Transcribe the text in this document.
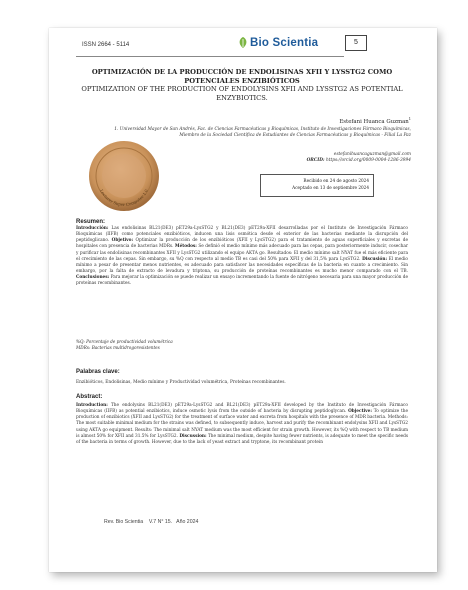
ISSN 2664 - 5114	Bio Scientia	5
OPTIMIZACIÓN DE LA PRODUCCIÓN DE ENDOLISINAS XFII Y LYSSTG2 COMO POTENCIALES ENZIBIÓTICOS
OPTIMIZATION OF THE PRODUCTION OF ENDOLYSINS XFII AND LYSSTG2 AS POTENTIAL ENZYBIOTICS.
Estefani Huanca Guzman$^1$
1. Universidad Mayor de San Andrés, Fac. de Ciencias Farmacéuticas y Bioquímicas, Instituto de Investigaciones Fármaco Bioquímicas, Miembro de la Sociedad Científica de Estudiantes de Ciencias Farmacéuticas y Bioquímicas - Filial La Paz
estefanihuancaguzman@gmail.com
ORCID: https://orcid.org/0009-0004-1286-3994
Lecturer Super Computer 1.0
Recibido en 24 de agosto 2024
Aceptado en 13 de septiembre 2024
Resumen:
Introducción: Las endolisinas BL21(DE3) pET29a-LysSTG2 y BL21(DE3) pET29a-XFII desarrolladas por el Instituto de Investigación Fármaco Bioquímicas (IIFB) como potenciales enzibióticos, inducen una lisis osmótica desde el exterior de las bacterias mediante la disrupción del peptidoglicano. Objetivo: Optimizar la producción de los enzibióticos (XFII y LysSTG2) para el tratamiento de aguas superficiales y excretas de hospitales con presencia de bacterias MDRs. Métodos: Se definió el medio mínimo más adecuado para las cepas, para posteriormente inducir, cosechar y purificar las endolisinas recombinantes XFII y LysSTG2 utilizando el equipo AKTA go. Resultados: El medio mínimo salt NYAT fue el más eficiente para el crecimiento de las cepas. Sin embargo, su %Q con respecto al medio TB es casi del 50% para XFII y del 31,5% para LysSTG2. Discusión: El medio mínimo a pesar de presentar menos nutrientes, es adecuado para satisfacer las necesidades específicas de la bacteria en cuanto a crecimiento. Sin embargo, por la falta de extracto de levadura y triptona, su producción de proteínas recombinantes es mucho menor comparado con el TB. Conclusiones: Para mejorar la optimización se puede realizar un ensayo incrementando la fuente de nitrógeno necesaria para una mayor producción de proteínas recombinantes.
%Q: Porcentaje de productividad volumétrica
MDRs: Bacterias multidrogoresistentes
Palabras clave:
Enzibióticos, Endolisinas, Medio mínimo y Productividad volumétrica, Proteínas recombinantes.
Abstract:
Introduction: The endolysins BL21(DE3) pET29a-LysSTG2 and BL21(DE3) pET29a-XFII developed by the Instituto de Investigación Fármaco Bioquímicas (IIFB) as potential enzibiotics, induce osmotic lysis from the outside of bacteria by disrupting peptidoglycan. Objective: To optimize the production of enzibiotics (XFII and LysSTG2) for the treatment of surface water and excreta from hospitals with the presence of MDR bacteria. Methods: The most suitable minimal medium for the strains was defined, to subsequently induce, harvest and purify the recombinant endolysins XFII and LysSTG2 using AKTA go equipment. Results: The minimal salt NYAT medium was the most efficient for strain growth. However, its %Q with respect to TB medium is almost 50% for XFII and 31.5% for LysSTG2. Discussion: The minimal medium, despite having fewer nutrients, is adequate to meet the specific needs of the bacteria in terms of growth. However, due to the lack of yeast extract and tryptone, its recombinant protein
Rev. Bio Scientia    V.7 N° 15.   Año 2024
